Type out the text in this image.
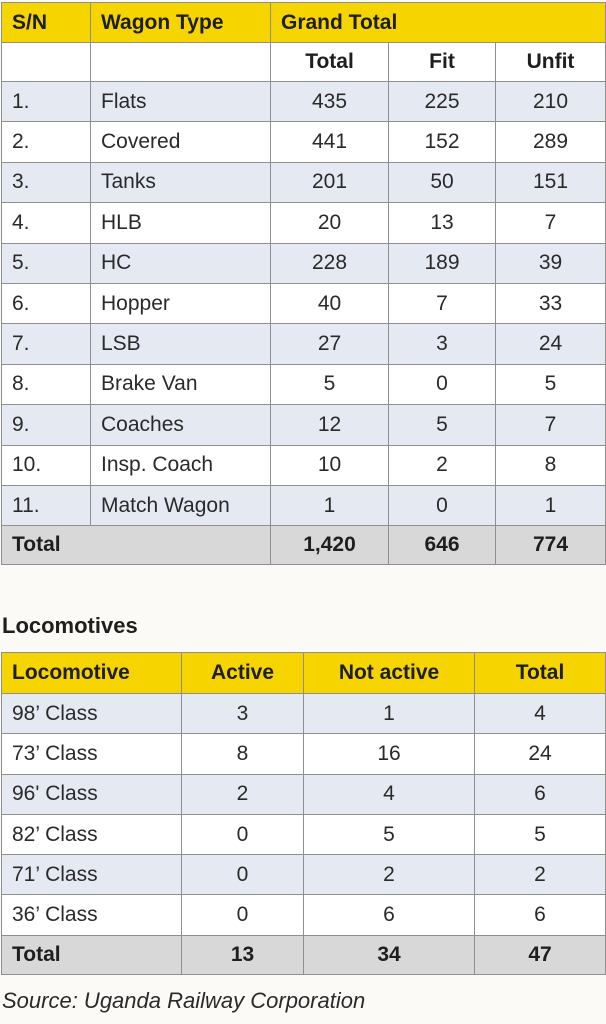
S/N	Wagon Type	Grand Total		
		Total	Fit	Unfit
1.	Flats	435	225	210
2.	Covered	441	152	289
3.	Tanks	201	50	151
4.	HLB	20	13	7
5.	HC	228	189	39
6.	Hopper	40	7	33
7.	LSB	27	3	24
8.	Brake Van	5	0	5
9.	Coaches	12	5	7
10.	Insp. Coach	10	2	8
11.	Match Wagon	1	0	1
Total		1,420	646	774
Locomotives
Locomotive	Active	Not active	Total
98’ Class	3	1	4
73’ Class	8	16	24
96' Class	2	4	6
82’ Class	0	5	5
71’ Class	0	2	2
36’ Class	0	6	6
Total	13	34	47
Source: Uganda Railway Corporation
